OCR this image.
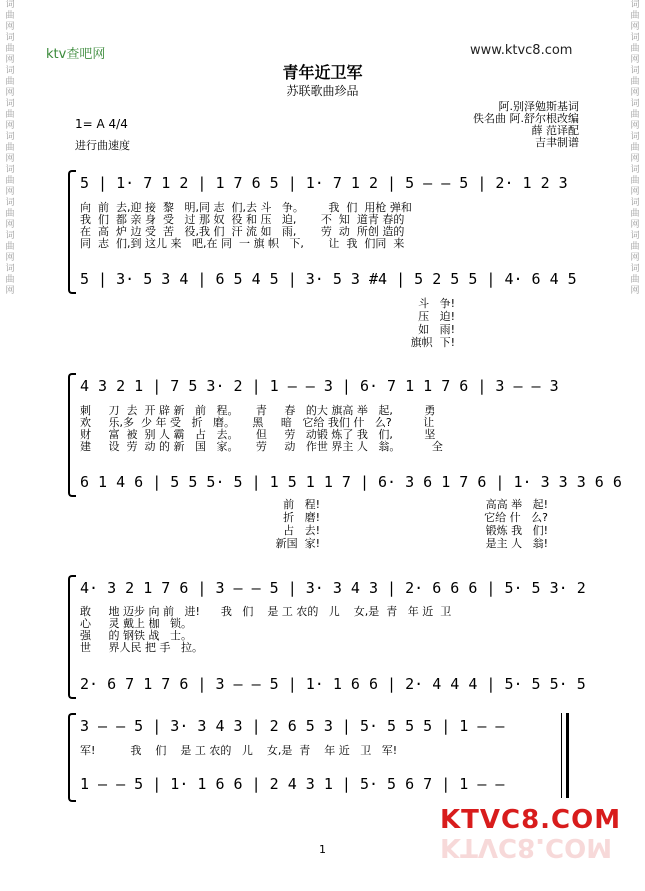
词
曲
网
词
曲
网
词
曲
网
词
曲
网
词
曲
网
词
曲
网
词
曲
网
词
曲
网
词
曲
网
词
曲
网
词
曲
网
词
曲
网
词
曲
网
词
曲
网
词
曲
网
词
曲
网
词
曲
网
词
曲
网
ktv查吧网	www.ktvc8.com
青年近卫军
苏联歌曲珍品
阿.别泽勉斯基词
佚名曲 阿.舒尔根改编
薛 范译配
吉聿制谱
1= A 4/4
进行曲速度
5 | 1· 7 1 2 | 1 7 6 5 | 1· 7 1 2 | 5 — — 5 | 2· 1 2 3
向  前  去,迎 接  黎   明,同 志  们,去 斗   争。       我  们  用枪 弹和
我  们  都 亲 身  受   过 那 奴  役 和 压   迫,       不  知  道青 春的
在  高  炉 边 受  苦   役,我 们  汗 流 如   雨,       劳  动  所创 造的
同  志  们,到 这儿 来   吧,在 同  一 旗 帜   下,       让  我  们同  来
5 | 3· 5 3 4 | 6 5 4 5 | 3· 5 3 #4 | 5 2 5 5 | 4· 6 4 5
斗   争!
压   迫!
如   雨!
旗帜  下!
4 3 2 1 | 7 5 3· 2 | 1 — — 3 | 6· 7 1 1 7 6 | 3 — — 3
刺     刀  去  开 辟 新   前   程。     青     春   的大 旗高 举   起,         勇
欢     乐,多  少 年 受   折   磨。     黑     暗   它给 我们 什   么?         让
财     富  被  别 人 霸   占   去。     但     劳   动锻 炼了 我   们,         坚
建     设  劳  动 的 新   国   家。     劳     动   作世 界主 人   翁。         全
6 1 4 6 | 5 5 5· 5 | 1 5 1 1 7 | 6· 3 6 1 7 6 | 1· 3 3 3 6 6
前   程!
折   磨!
占   去!
新国  家!
高高 举   起!
它给 什   么?
锻炼 我   们!
是主 人   翁!
4· 3 2 1 7 6 | 3 — — 5 | 3· 3 4 3 | 2· 6 6 6 | 5· 5 3· 2
敢     地 迈步 向 前   进!      我   们    是 工 农的   儿    女,是  青   年 近  卫
心     灵 戴上 枷   锁。
强     的 钢铁 战   士。
世     界人民 把 手   拉。
2· 6 7 1 7 6 | 3 — — 5 | 1· 1 6 6 | 2· 4 4 4 | 5· 5 5· 5
3 — — 5 | 3· 3 4 3 | 2 6 5 3 | 5· 5 5 5 | 1 — —
军!          我    们    是 工 农的   儿    女,是  青    年 近   卫   军!
1 — — 5 | 1· 1 6 6 | 2 4 3 1 | 5· 5 6 7 | 1 — —
KTVC8.COM
KTVC8.COM
1
